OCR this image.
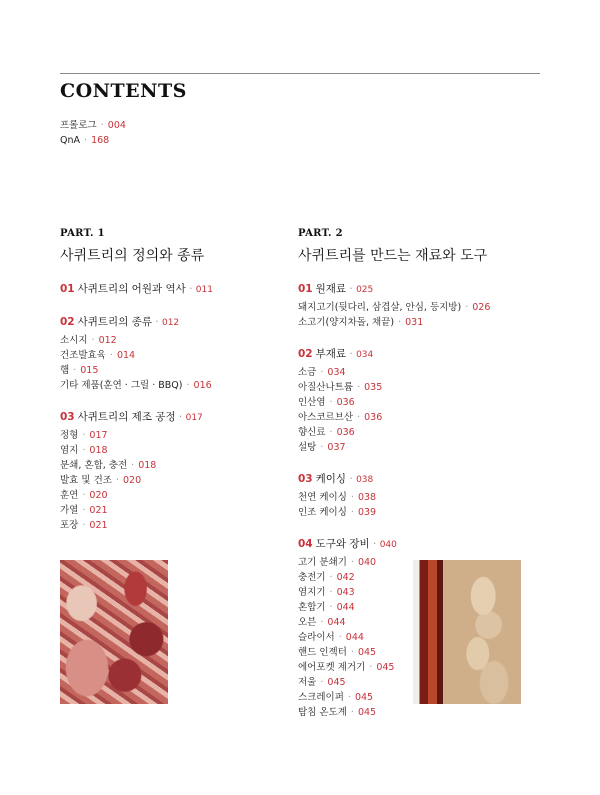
CONTENTS
프롤로그 · 004
QnA · 168
PART. 1
사퀴트리의 정의와 종류
01 사퀴트리의 어원과 역사 · 011
02 사퀴트리의 종류 · 012
소시지 · 012
건조발효육 · 014
햄 · 015
기타 제품(훈연 · 그릴 · BBQ) · 016
03 사퀴트리의 제조 공정 · 017
정형 · 017
염지 · 018
분쇄, 혼합, 충전 · 018
발효 및 건조 · 020
훈연 · 020
가열 · 021
포장 · 021
PART. 2
사퀴트리를 만드는 재료와 도구
01 원재료 · 025
돼지고기(뒷다리, 삼겹살, 안심, 등지방) · 026
소고기(양지차돌, 채끝) · 031
02 부재료 · 034
소금 · 034
아질산나트륨 · 035
인산염 · 036
아스코르브산 · 036
향신료 · 036
설탕 · 037
03 케이싱 · 038
천연 케이싱 · 038
인조 케이싱 · 039
04 도구와 장비 · 040
고기 분쇄기 · 040
충전기 · 042
염지기 · 043
혼합기 · 044
오븐 · 044
슬라이서 · 044
핸드 인젝터 · 045
에어포켓 제거기 · 045
저울 · 045
스크레이퍼 · 045
탐침 온도계 · 045
